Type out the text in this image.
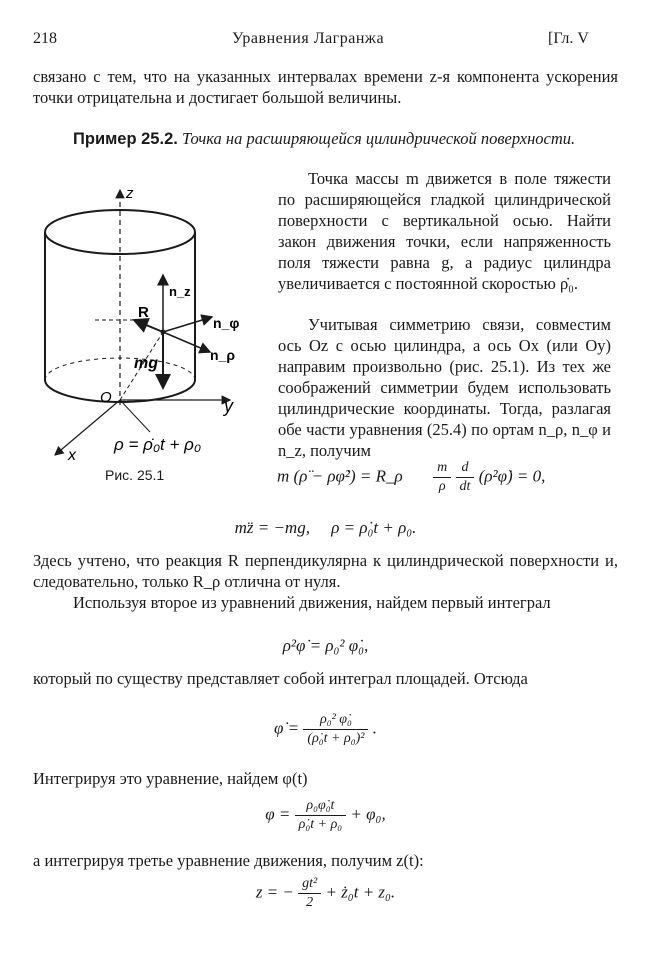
218	Уравнения Лагранжа	[Гл. V

связано с тем, что на указанных интервалах времени z-я компонента ускорения точки отрицательна и достигает большой величины.

Пример 25.2. Точка на расширяющейся цилиндрической поверхности.
z
y
x
O
n_z
n_φ
n_ρ
R
mg
ρ = ρ̇₀t + ρ₀
Рис. 25.1
Точка массы m движется в поле тяжести по расширяющейся гладкой цилиндрической поверхности с вертикальной осью. Найти закон движения точки, если напряженность поля тяжести равна g, а радиус цилиндра увеличивается с постоянной скоростью ρ̇₀.
Учитывая симметрию связи, совместим ось Oz с осью цилиндра, а ось Ox (или Oy) направим произвольно (рис. 25.1). Из тех же соображений симметрии будем использовать цилиндрические координаты. Тогда, разлагая обе части уравнения (25.4) по ортам n_ρ, n_φ и n_z, получим
m (ρ̈ − ρφ̇²) = R_ρ $\frac{m}{\rho}$
$\frac{d}{dt}$ (ρ²φ̇) = 0,
mz̈ = −mg,     ρ = ρ̇₀t + ρ₀.
Здесь учтено, что реакция R перпендикулярна к цилиндрической поверхности и, следовательно, только R_ρ отлична от нуля.
Используя второе из уравнений движения, найдем первый интеграл
ρ²φ̇ = ρ₀² φ̇₀,
который по существу представляет собой интеграл площадей. Отсюда
φ̇ = $\frac{\text{ρ₀² φ̇₀}}{\text{(ρ̇₀t + ρ₀)²}}$ .
Интегрируя это уравнение, найдем φ(t)
$\varphi = \frac{\text{ρ₀φ̇₀t}}{\text{ρ̇₀t + ρ₀}} + \varphi_0$,
а интегрируя третье уравнение движения, получим z(t):
z = − $\frac{\text{gt²}}{2}$ + ż₀t + z₀.
